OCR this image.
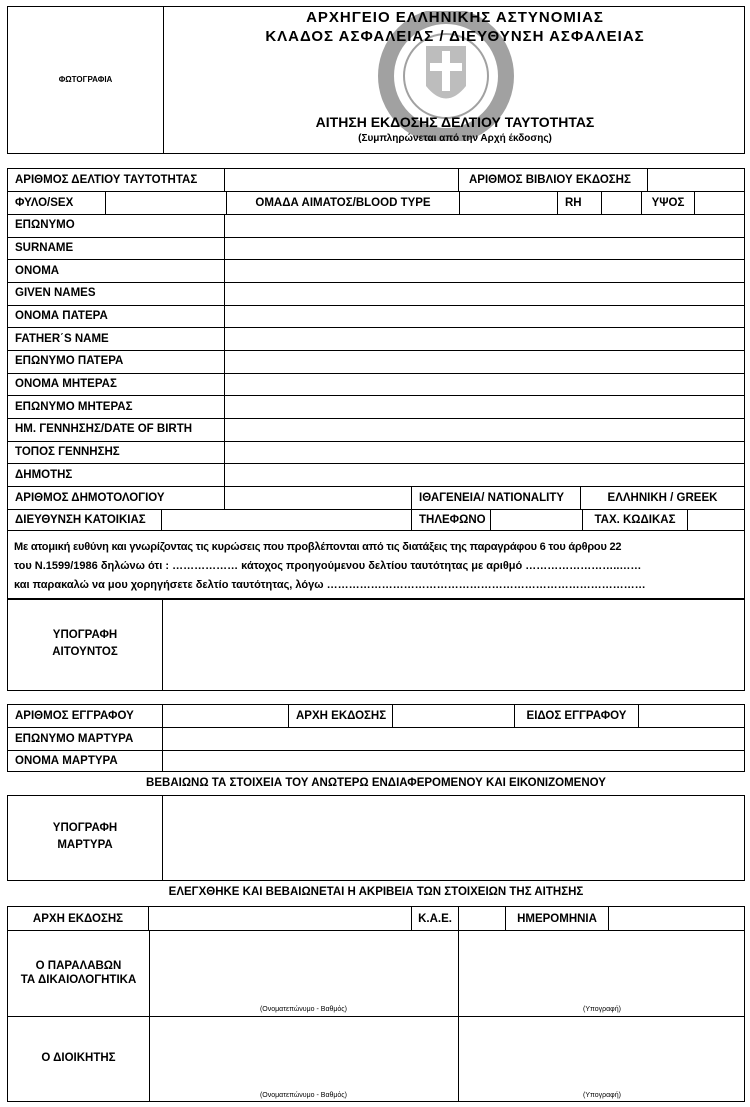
ΦΩΤΟΓΡΑΦΙΑ
ΑΡΧΗΓΕΙΟ ΕΛΛΗΝΙΚΗΣ ΑΣΤΥΝΟΜΙΑΣ
ΚΛΑΔΟΣ ΑΣΦΑΛΕΙΑΣ / ΔΙΕΥΘΥΝΣΗ ΑΣΦΑΛΕΙΑΣ
ΑΙΤΗΣΗ ΕΚΔΟΣΗΣ ΔΕΛΤΙΟΥ ΤΑΥΤΟΤΗΤΑΣ
(Συμπληρώνεται από την Αρχή έκδοσης)
ΑΡΙΘΜΟΣ ΔΕΛΤΙΟΥ ΤΑΥΤΟΤΗΤΑΣ	ΑΡΙΘΜΟΣ ΒΙΒΛΙΟΥ ΕΚΔΟΣΗΣ
ΦΥΛΟ/SEX	ΟΜΑΔΑ ΑΙΜΑΤΟΣ/BLOOD TYPE	RH	ΥΨΟΣ
ΕΠΩΝΥΜΟ
SURNAME
ΟΝΟΜΑ
GIVEN NAMES
ΟΝΟΜΑ ΠΑΤΕΡΑ
FATHER΄S NAME
ΕΠΩΝΥΜΟ ΠΑΤΕΡΑ
ΟΝΟΜΑ ΜΗΤΕΡΑΣ
ΕΠΩΝΥΜΟ ΜΗΤΕΡΑΣ
ΗΜ. ΓΕΝΝΗΣΗΣ/DATE OF BIRTH
ΤΟΠΟΣ ΓΕΝΝΗΣΗΣ
ΔΗΜΟΤΗΣ
ΑΡΙΘΜΟΣ ΔΗΜΟΤΟΛΟΓΙΟΥ	ΙΘΑΓΕΝΕΙΑ/ NATIONALITY	ΕΛΛΗΝΙΚΗ / GREEK
ΔΙΕΥΘΥΝΣΗ ΚΑΤΟΙΚΙΑΣ	ΤΗΛΕΦΩΝΟ	ΤΑΧ. ΚΩΔΙΚΑΣ
Με ατομική ευθύνη και γνωρίζοντας τις κυρώσεις που προβλέπονται από τις διατάξεις της παραγράφου 6 του άρθρου 22
του Ν.1599/1986 δηλώνω ότι : ……………… κάτοχος προηγούμενου δελτίου ταυτότητας με αριθμό ……………………..……
και παρακαλώ να μου χορηγήσετε δελτίο ταυτότητας, λόγω ……………………………………………………………………………
ΥΠΟΓΡΑΦΗ
ΑΙΤΟΥΝΤΟΣ
ΑΡΙΘΜΟΣ ΕΓΓΡΑΦΟΥ	ΑΡΧΗ ΕΚΔΟΣΗΣ	ΕΙΔΟΣ ΕΓΓΡΑΦΟΥ
ΕΠΩΝΥΜΟ ΜΑΡΤΥΡΑ
ΟΝΟΜΑ ΜΑΡΤΥΡΑ
ΒΕΒΑΙΩΝΩ ΤΑ ΣΤΟΙΧΕΙΑ ΤΟΥ ΑΝΩΤΕΡΩ ΕΝΔΙΑΦΕΡΟΜΕΝΟΥ ΚΑΙ ΕΙΚΟΝΙΖΟΜΕΝΟΥ
ΥΠΟΓΡΑΦΗ
ΜΑΡΤΥΡΑ
ΕΛΕΓΧΘΗΚΕ ΚΑΙ ΒΕΒΑΙΩΝΕΤΑΙ Η ΑΚΡΙΒΕΙΑ ΤΩΝ ΣΤΟΙΧΕΙΩΝ ΤΗΣ ΑΙΤΗΣΗΣ
ΑΡΧΗ ΕΚΔΟΣΗΣ	Κ.Α.Ε.	ΗΜΕΡΟΜΗΝΙΑ
Ο ΠΑΡΑΛΑΒΩΝ
ΤΑ ΔΙΚΑΙΟΛΟΓΗΤΙΚΑ
(Ονοματεπώνυμο - Βαθμός)	(Υπογραφή)
Ο ΔΙΟΙΚΗΤΗΣ
(Ονοματεπώνυμο - Βαθμός)	(Υπογραφή)
